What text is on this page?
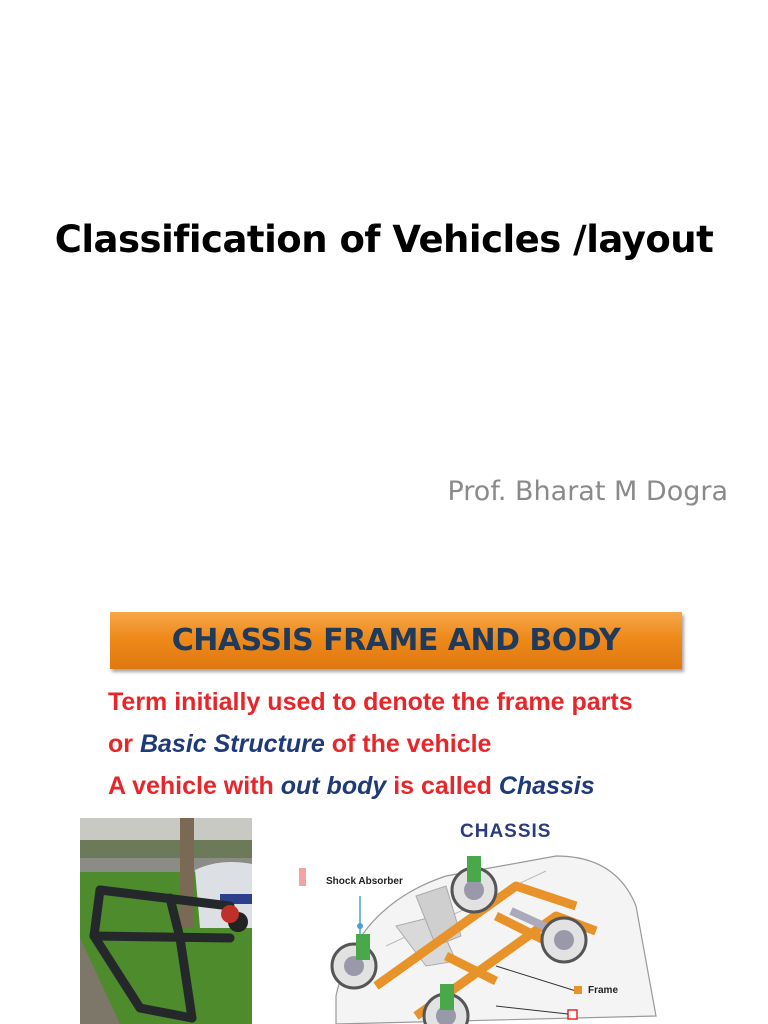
Classification of Vehicles /layout
Prof. Bharat M Dogra
CHASSIS FRAME AND BODY
Term initially used to denote the frame parts
or Basic Structure of the vehicle
A vehicle with out body is called Chassis
CHASSIS
Shock Absorber
Frame
